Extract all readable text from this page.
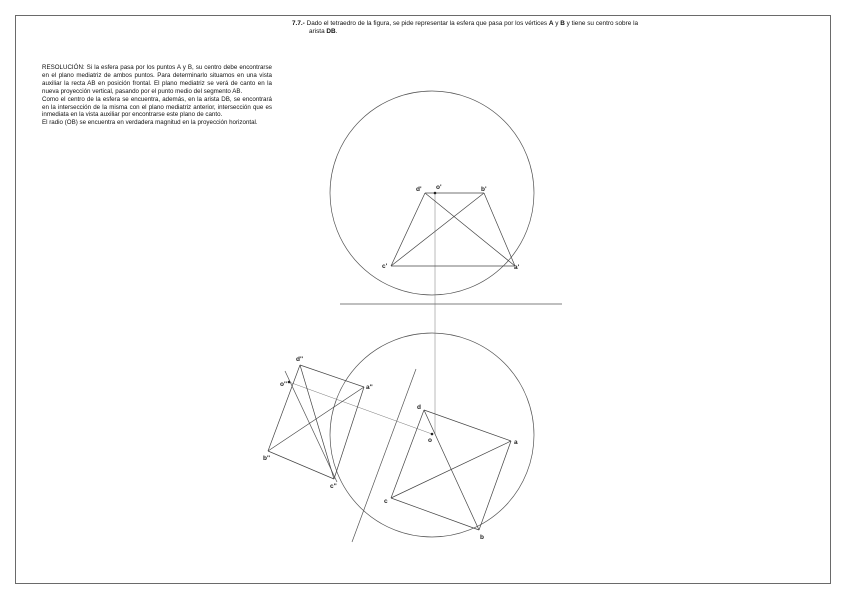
7.7.- Dado el tetraedro de la figura, se pide representar la esfera que pasa por los vértices A y B y tiene su centro sobre la
arista DB.

RESOLUCIÓN: Si la esfera pasa por los puntos A y B, su centro debe encontrarse en el plano mediatriz de ambos puntos. Para determinarlo situamos en una vista auxiliar la recta AB en posición frontal. El plano mediatriz se verá de canto en la nueva proyección vertical, pasando por el punto medio del segmento AB.

Como el centro de la esfera se encuentra, además, en la arista DB, se encontrará en la intersección de la misma con el plano mediatriz anterior, intersección que es inmediata en la vista auxiliar por encontrarse este plano de canto.

El radio (OB) se encuentra en verdadera magnitud en la proyección horizontal.

d' o'	b'
c'	a'
d
o	a
c
b
d''
o''	a''
b''
c''
